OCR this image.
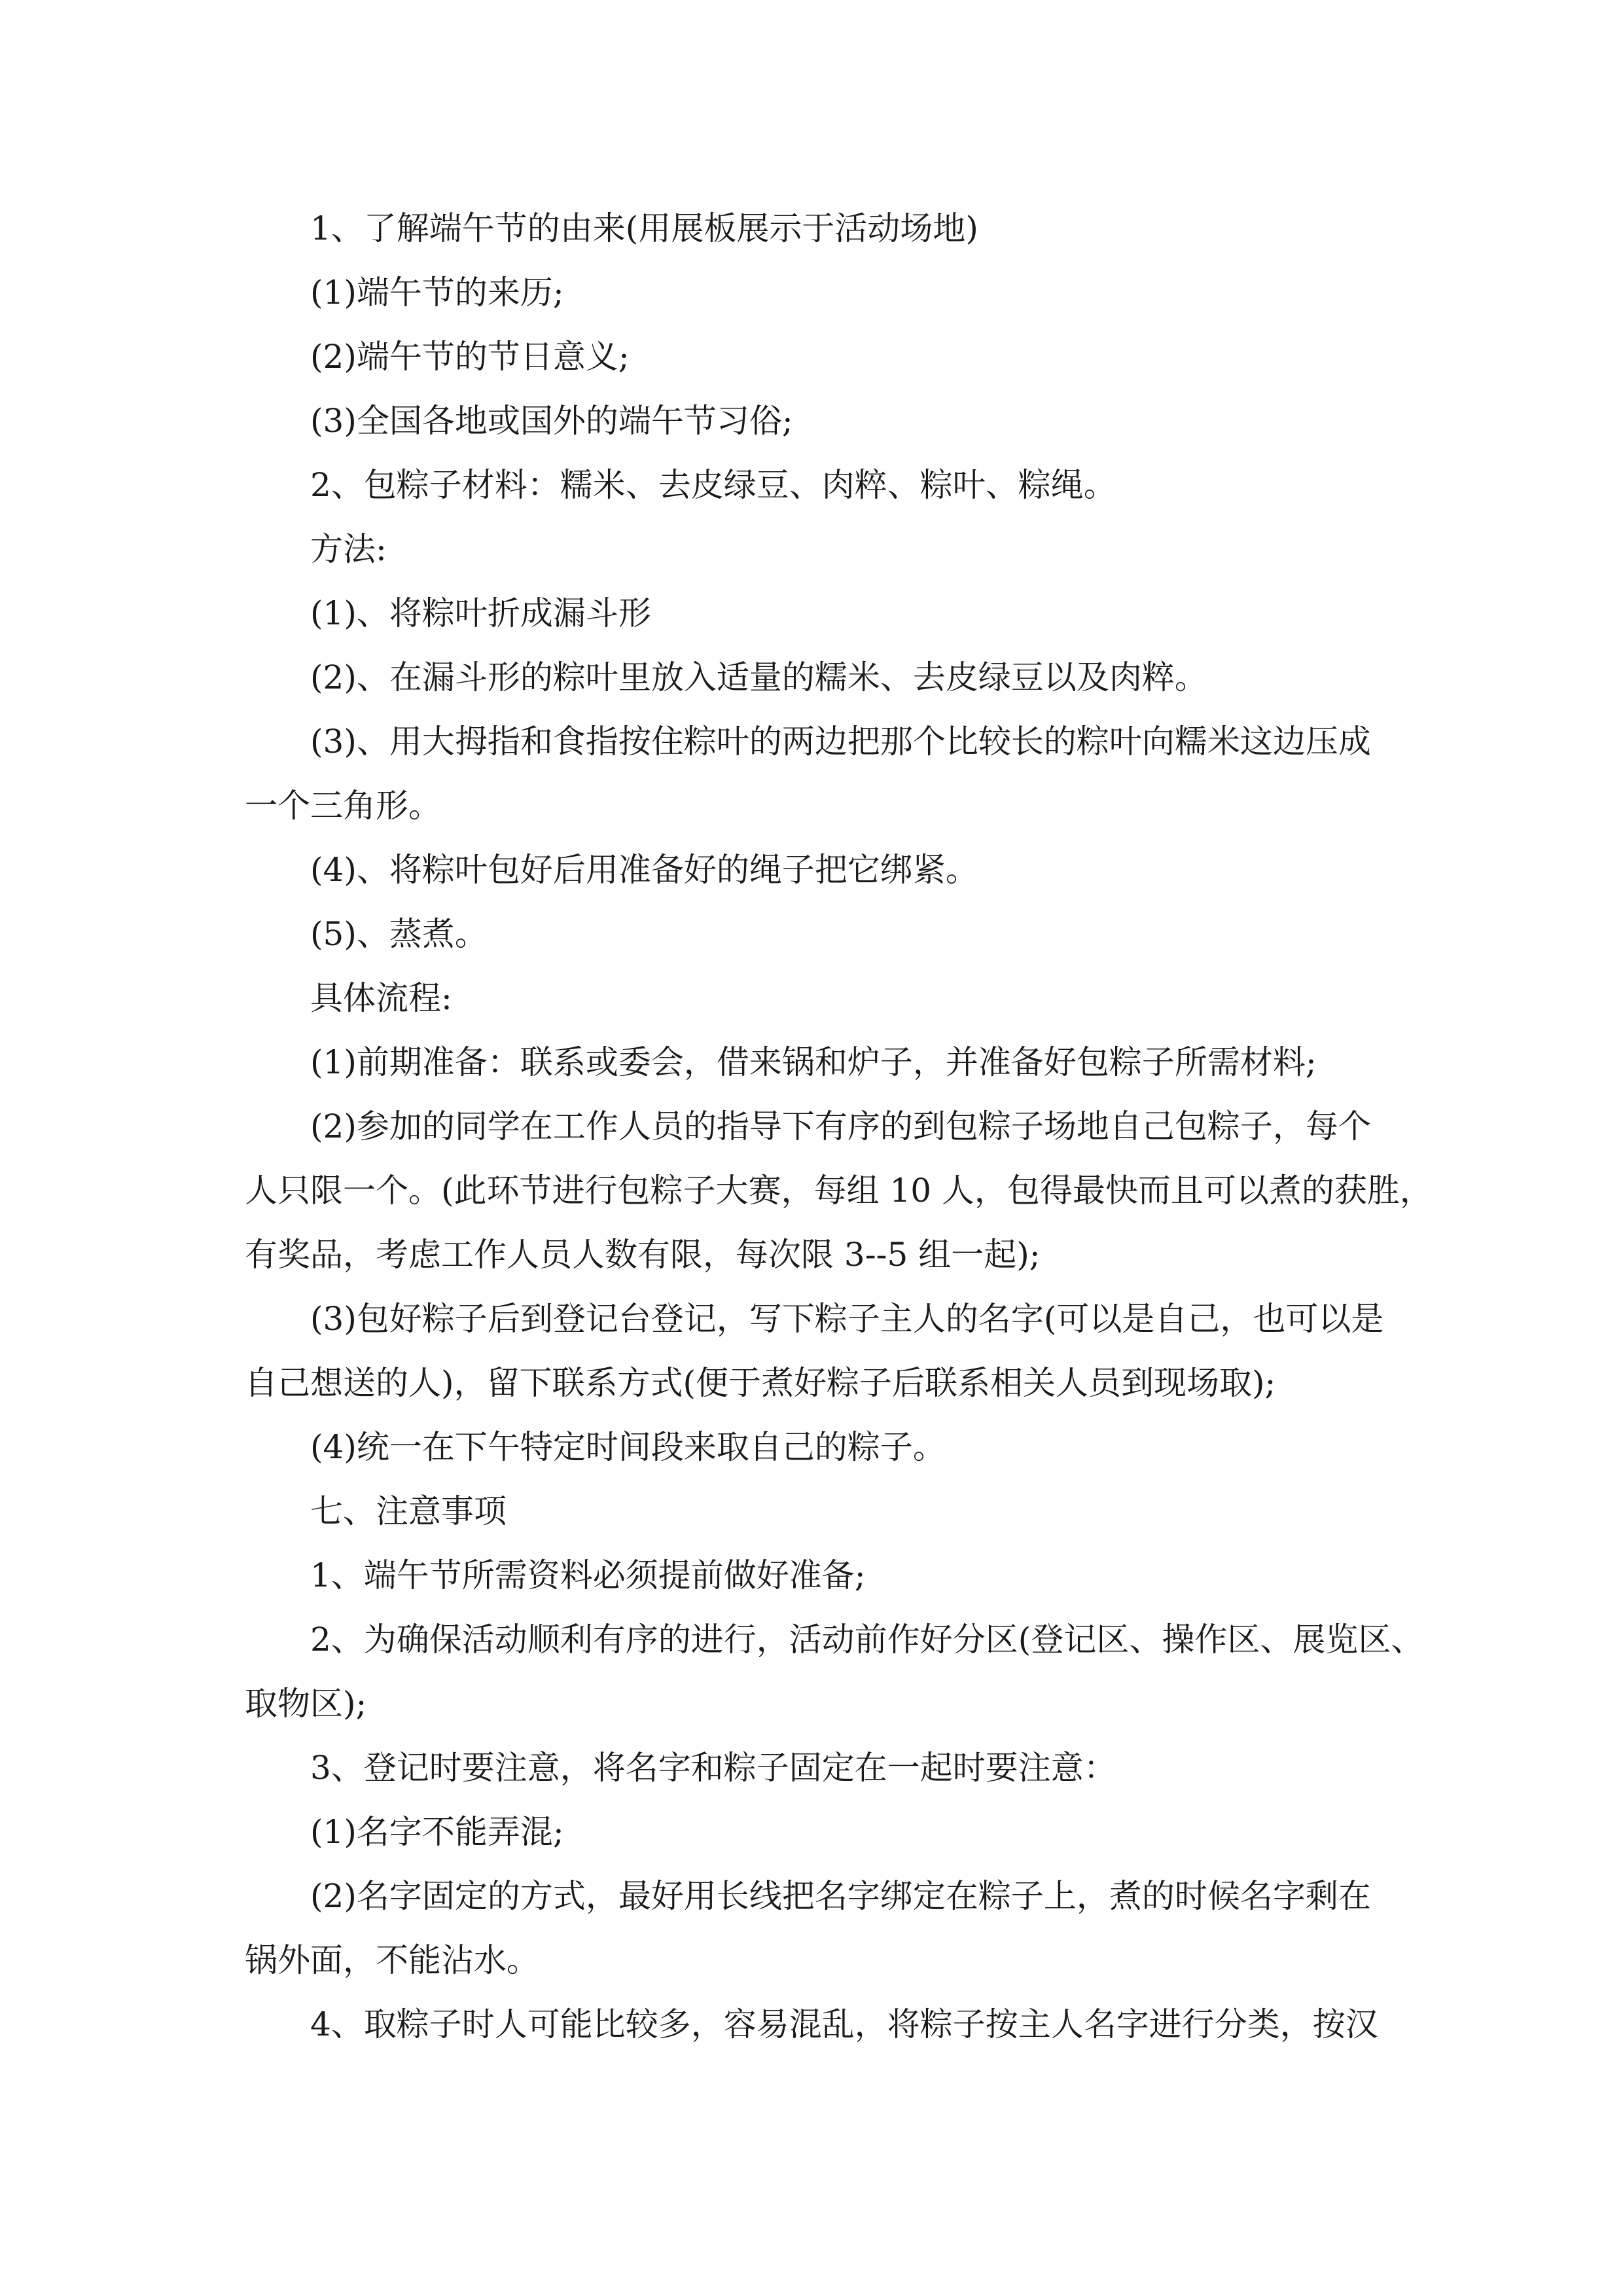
1、了解端午节的由来(用展板展示于活动场地)

(1)端午节的来历;

(2)端午节的节日意义;

(3)全国各地或国外的端午节习俗;

2、包粽子材料：糯米、去皮绿豆、肉粹、粽叶、粽绳。

方法:

(1)、将粽叶折成漏斗形

(2)、在漏斗形的粽叶里放入适量的糯米、去皮绿豆以及肉粹。

(3)、用大拇指和食指按住粽叶的两边把那个比较长的粽叶向糯米这边压成

一个三角形。

(4)、将粽叶包好后用准备好的绳子把它绑紧。

(5)、蒸煮。

具体流程:

(1)前期准备：联系或委会，借来锅和炉子，并准备好包粽子所需材料;

(2)参加的同学在工作人员的指导下有序的到包粽子场地自己包粽子，每个

人只限一个。(此环节进行包粽子大赛，每组 10 人，包得最快而且可以煮的获胜，

有奖品，考虑工作人员人数有限，每次限 3--5 组一起);

(3)包好粽子后到登记台登记，写下粽子主人的名字(可以是自己，也可以是

自己想送的人)，留下联系方式(便于煮好粽子后联系相关人员到现场取);

(4)统一在下午特定时间段来取自己的粽子。

七、注意事项

1、端午节所需资料必须提前做好准备;

2、为确保活动顺利有序的进行，活动前作好分区(登记区、操作区、展览区、

取物区);

3、登记时要注意，将名字和粽子固定在一起时要注意：

(1)名字不能弄混;

(2)名字固定的方式，最好用长线把名字绑定在粽子上，煮的时候名字剩在

锅外面，不能沾水。

4、取粽子时人可能比较多，容易混乱，将粽子按主人名字进行分类，按汉
